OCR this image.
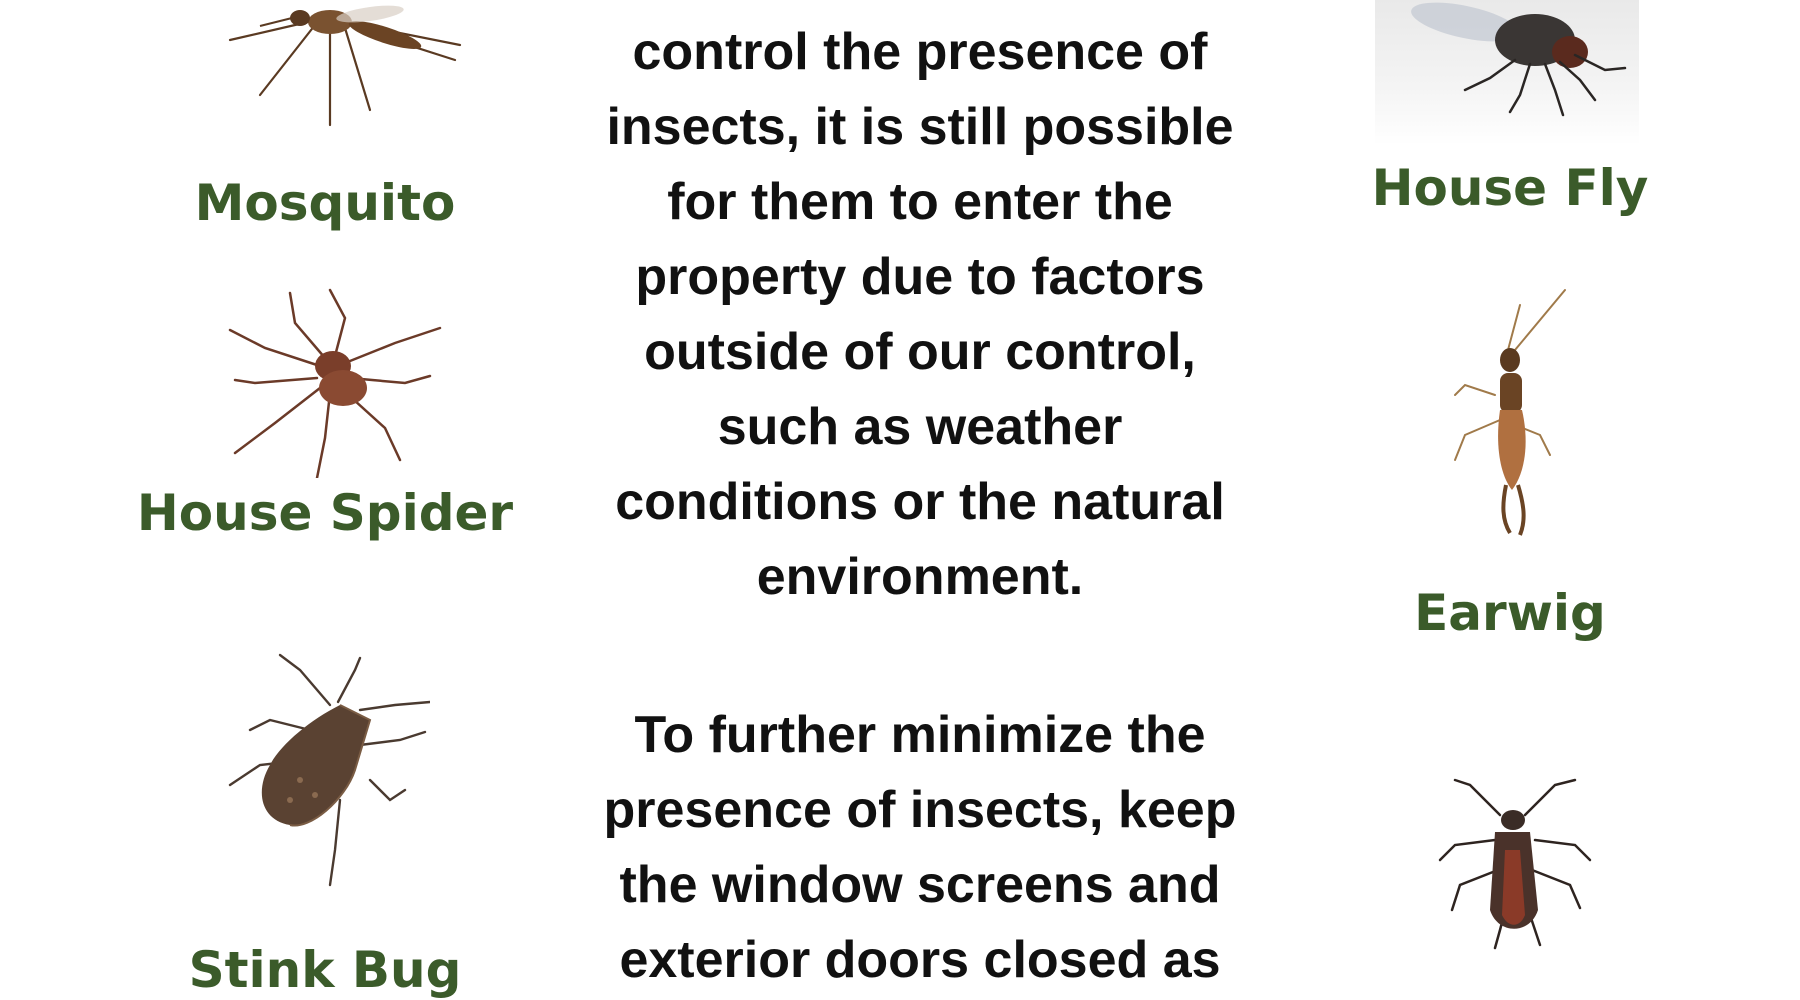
Mosquito
House Spider
Stink Bug
control the presence of
insects, it is still possible
for them to enter the
property due to factors
outside of our control,
such as weather
conditions or the natural
environment.
To further minimize the
presence of insects, keep
the window screens and
exterior doors closed as
House Fly
Earwig
